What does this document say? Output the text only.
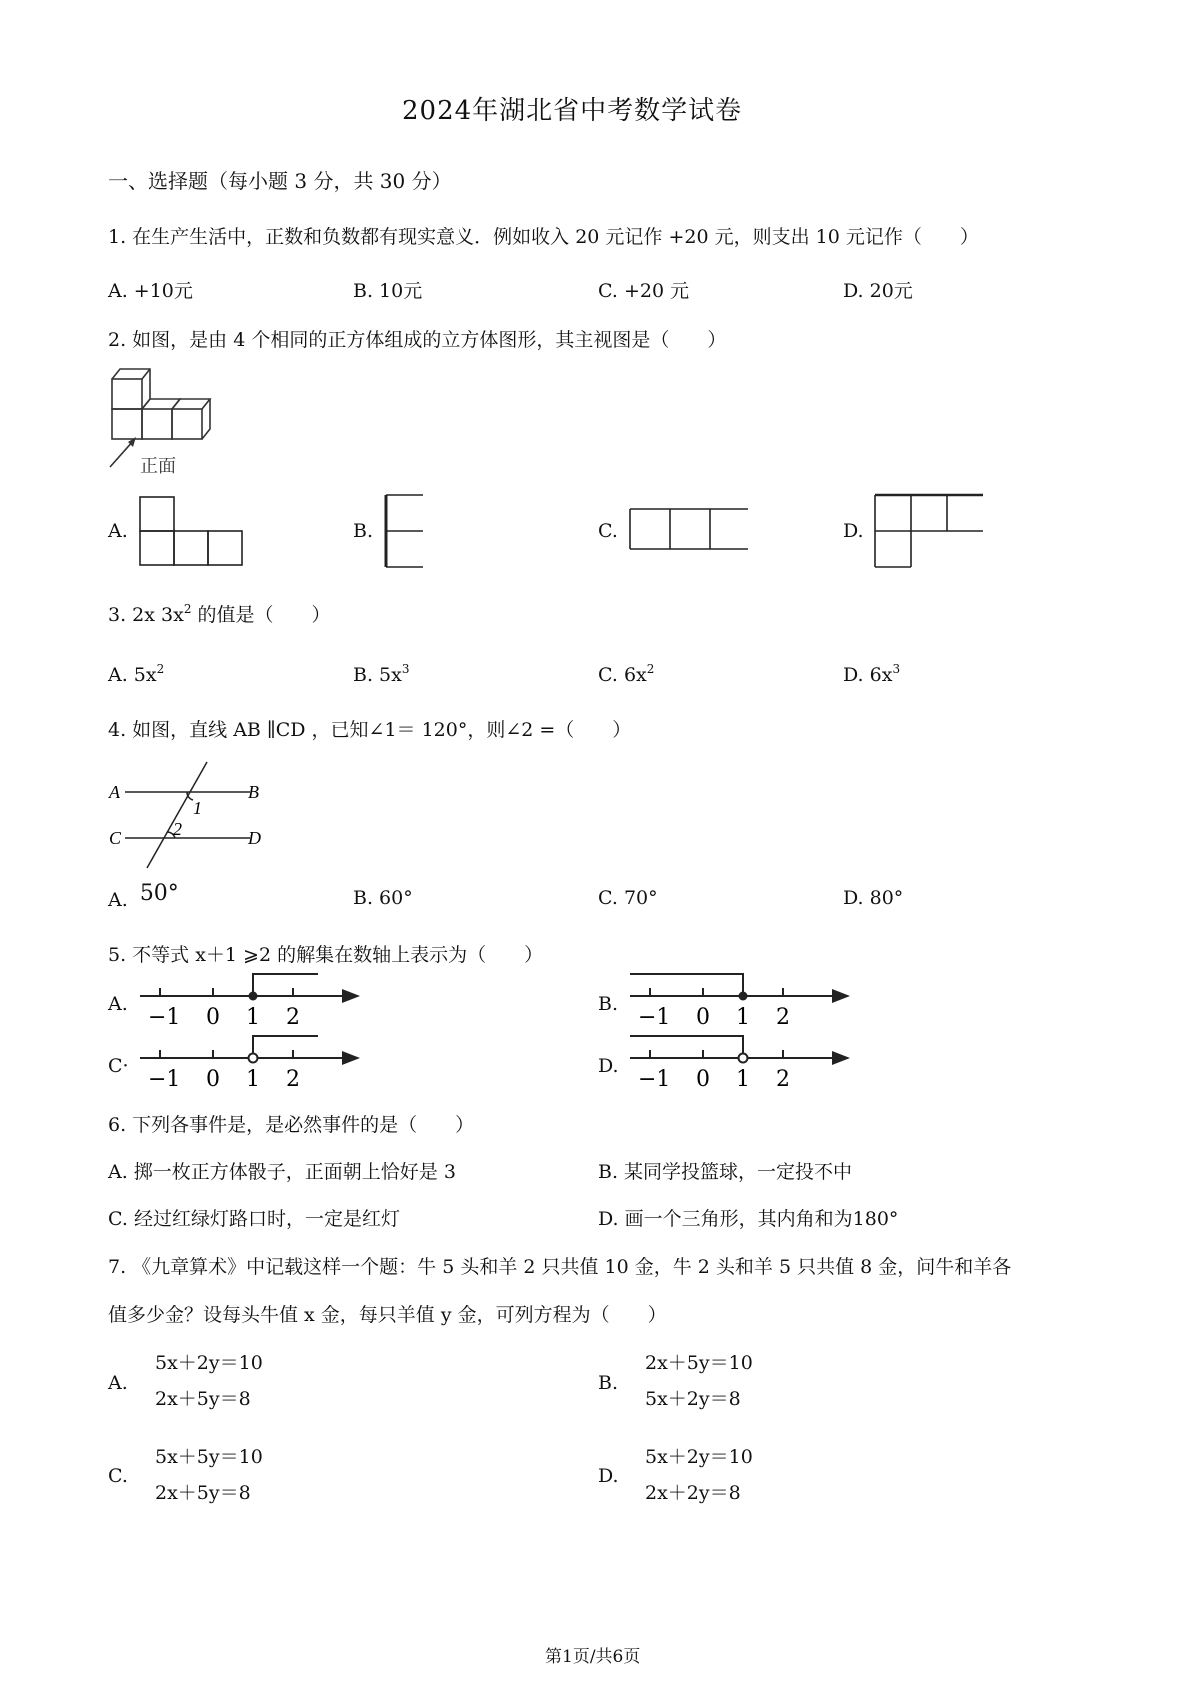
2024年湖北省中考数学试卷
一、选择题（每小题 3 分，共 30 分）
1. 在生产生活中，正数和负数都有现实意义．例如收入 20 元记作 +20 元，则支出 10 元记作（　　）
A. +10元	B. 10元	C. +20 元	D. 20元
2. 如图，是由 4 个相同的正方体组成的立方体图形，其主视图是（　　）
正面
A.	B.	C.	D.
3. 2x $3x^2$ 的值是（　　）
A. $5x^2$	B. $5x^3$	C. $6x^2$	D. $6x^3$
4. 如图，直线 AB ∥CD ，已知∠1＝ 120°，则∠2 =（　　）
A	B
C	D
1
2
A. 50°	B. 60°	C. 70°	D. 80°
5. 不等式 x＋1 ⩾2 的解集在数轴上表示为（　　）
A.
−1 0 1 2
B.
−1 0 1 2
C·
−1 0 1 2
D.
−1 0 1 2
6. 下列各事件是，是必然事件的是（　　）
A. 掷一枚正方体骰子，正面朝上恰好是 3	B. 某同学投篮球，一定投不中
C. 经过红绿灯路口时，一定是红灯	D. 画一个三角形，其内角和为180°
7. 《九章算术》中记载这样一个题：牛 5 头和羊 2 只共值 10 金，牛 2 头和羊 5 只共值 8 金，问牛和羊各
值多少金？设每头牛值 x 金，每只羊值 y 金，可列方程为（　　）
A.
5x＋2y＝10
2x＋5y＝8
B.
2x＋5y＝10
5x＋2y＝8
C.
5x＋5y＝10
2x＋5y＝8
D.
5x＋2y＝10
2x＋2y＝8
第1页/共6页
